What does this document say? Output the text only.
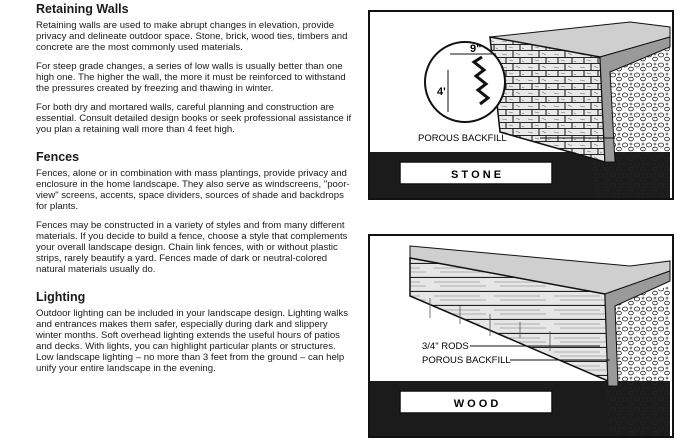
Retaining Walls

Retaining walls are used to make abrupt changes in elevation, provide privacy and delineate outdoor space. Stone, brick, wood ties, timbers and concrete are the most commonly used materials.

For steep grade changes, a series of low walls is usually better than one high one. The higher the wall, the more it must be reinforced to withstand the pressures created by freezing and thawing in winter.

For both dry and mortared walls, careful planning and construction are essential. Consult detailed design books or seek professional assistance if you plan a retaining wall more than 4 feet high.

Fences

Fences, alone or in combination with mass plantings, provide privacy and enclosure in the home landscape. They also serve as windscreens, "poor-view" screens, accents, space dividers, sources of shade and backdrops for plants.

Fences may be constructed in a variety of styles and from many different materials. If you decide to build a fence, choose a style that complements your overall landscape design. Chain link fences, with or without plastic strips, rarely beautify a yard. Fences made of dark or neutral-colored natural materials usually do.

Lighting

Outdoor lighting can be included in your landscape design. Lighting walks and entrances makes them safer, especially during dark and slippery winter months. Soft overhead lighting extends the useful hours of patios and decks. With lights, you can highlight particular plants or structures. Low landscape lighting – no more than 3 feet from the ground – can help unify your entire landscape in the evening.

9"
4'
POROUS BACKFILL
S T O N E
3/4" RODS
POROUS BACKFILL
W O O D
